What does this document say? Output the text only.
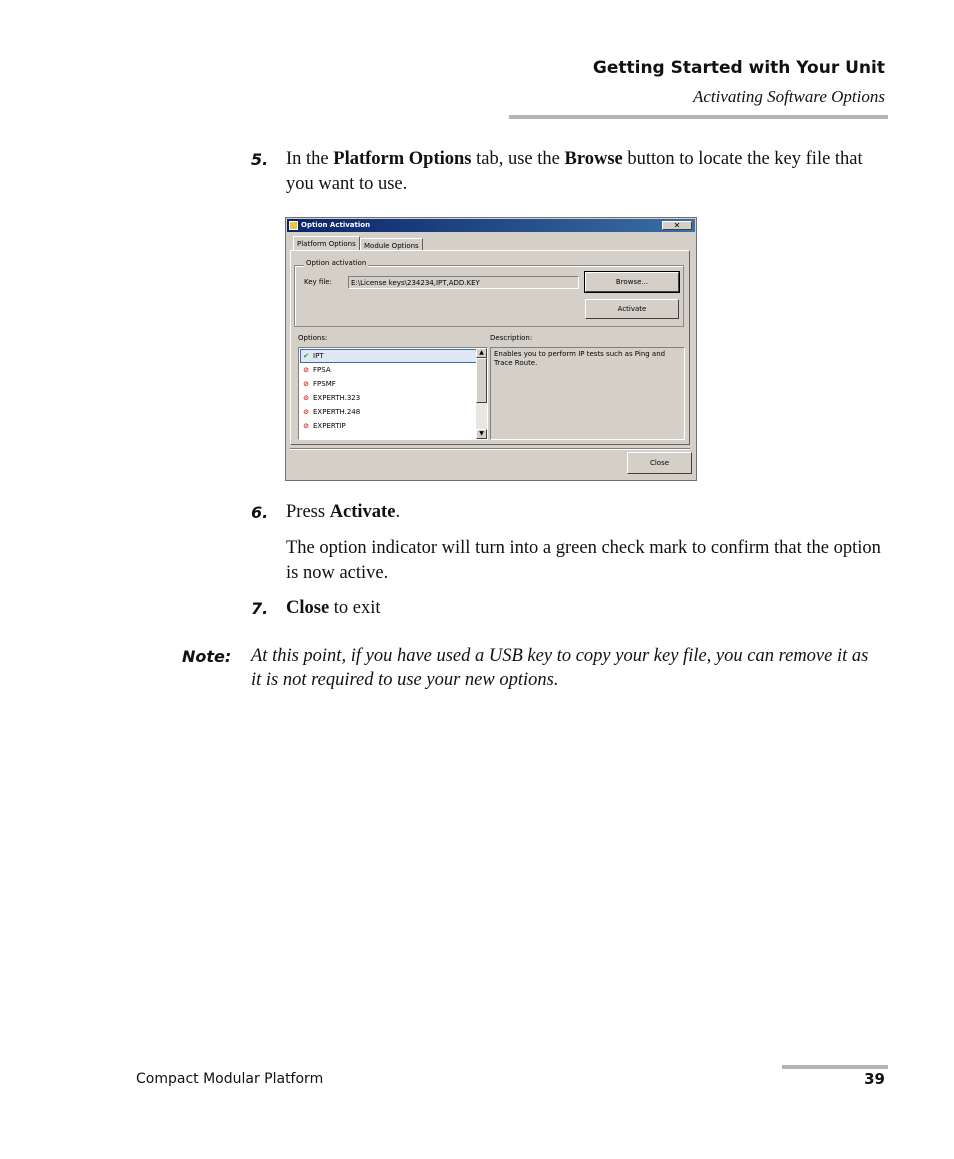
Getting Started with Your Unit
Activating Software Options
5. In the Platform Options tab, use the Browse button to locate the key file that you want to use.
Option Activation	✕
Platform Options	Module Options
Option activation
Key file:	E:\License keys\234234,IPT,ADD.KEY	Browse...
Activate
Options:	Description:
✔ IPT
⊘ FPSA
⊘ FPSMF
⊘ EXPERTH.323
⊘ EXPERTH.248
⊘ EXPERTIP
▲
▼
Enables you to perform IP tests such as Ping and Trace Route.
Close
6. Press Activate.
The option indicator will turn into a green check mark to confirm that the option is now active.
7. Close to exit
Note: At this point, if you have used a USB key to copy your key file, you can remove it as it is not required to use your new options.
Compact Modular Platform	39
